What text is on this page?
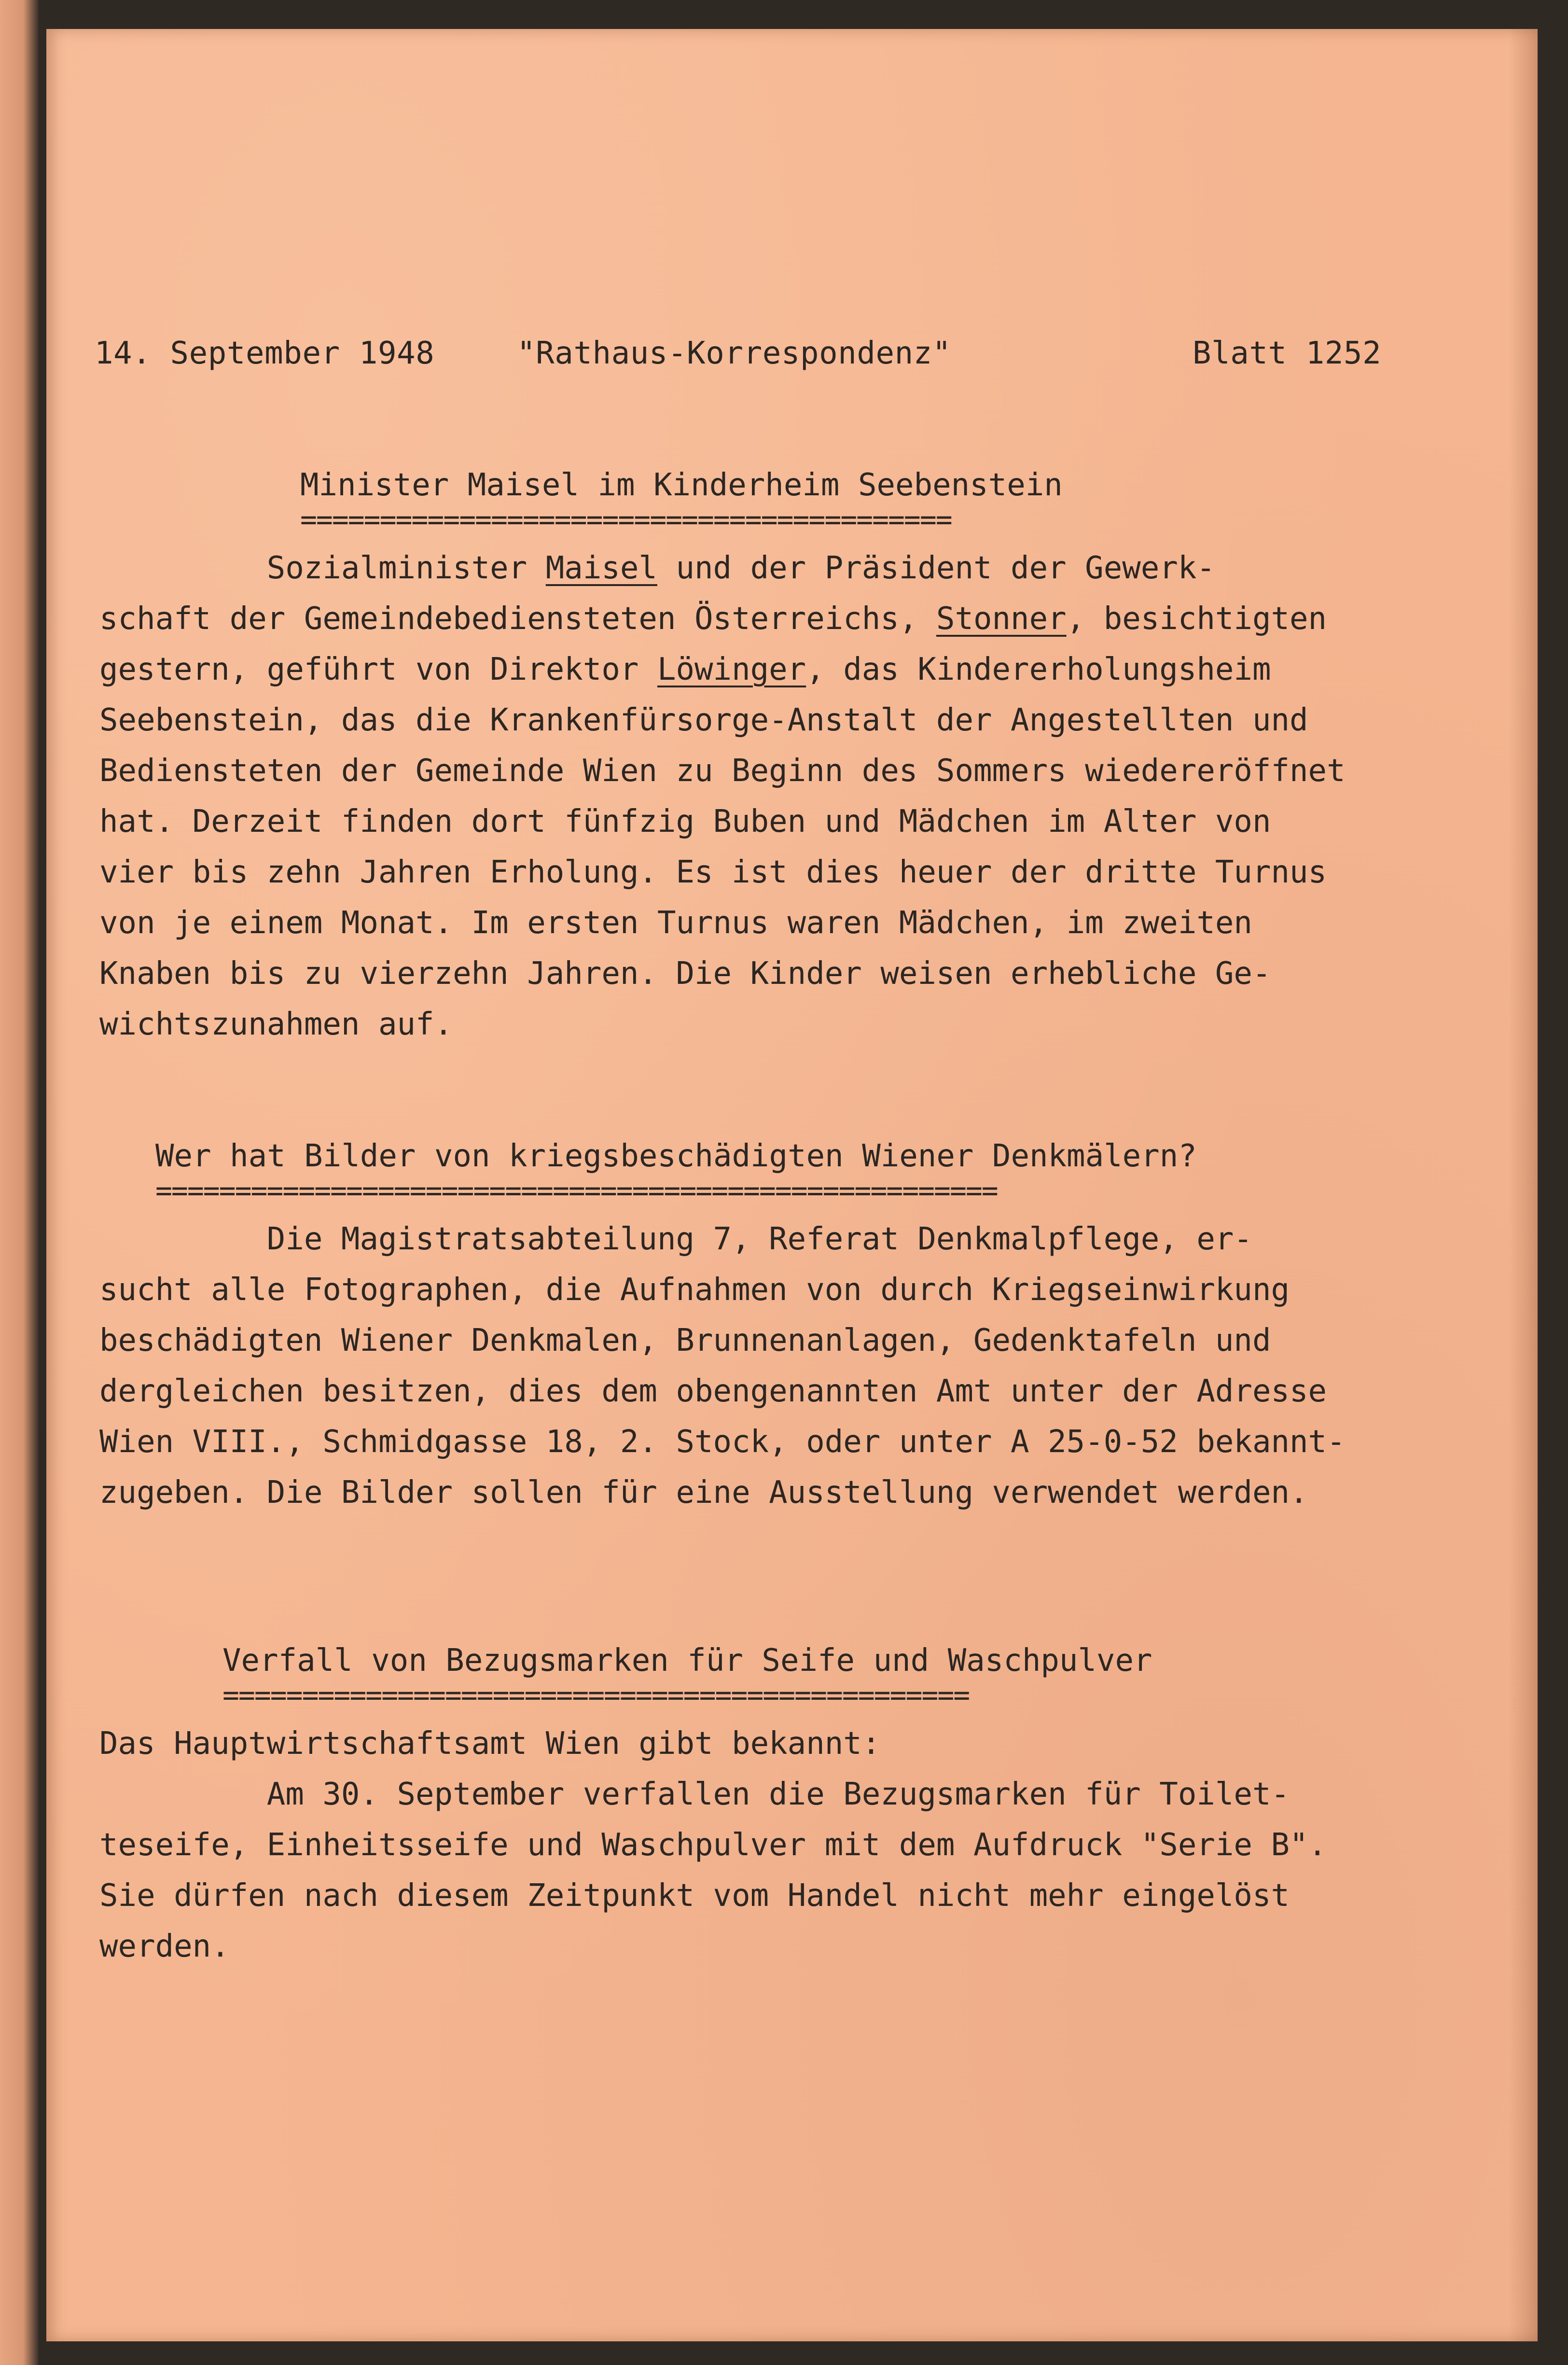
14. September 1948	"Rathaus-Korrespondenz"	Blatt 1252
Minister Maisel im Kinderheim Seebenstein
=========================================
Sozialminister Maisel und der Präsident der Gewerk-
schaft der Gemeindebediensteten Österreichs, Stonner, besichtigten
gestern, geführt von Direktor Löwinger, das Kindererholungsheim
Seebenstein, das die Krankenfürsorge-Anstalt der Angestellten und
Bediensteten der Gemeinde Wien zu Beginn des Sommers wiedereröffnet
hat. Derzeit finden dort fünfzig Buben und Mädchen im Alter von
vier bis zehn Jahren Erholung. Es ist dies heuer der dritte Turnus
von je einem Monat. Im ersten Turnus waren Mädchen, im zweiten
Knaben bis zu vierzehn Jahren. Die Kinder weisen erhebliche Ge-
wichtszunahmen auf.
Wer hat Bilder von kriegsbeschädigten Wiener Denkmälern?
=====================================================
Die Magistratsabteilung 7, Referat Denkmalpflege, er-
sucht alle Fotographen, die Aufnahmen von durch Kriegseinwirkung
beschädigten Wiener Denkmalen, Brunnenanlagen, Gedenktafeln und
dergleichen besitzen, dies dem obengenannten Amt unter der Adresse
Wien VIII., Schmidgasse 18, 2. Stock, oder unter A 25-0-52 bekannt-
zugeben. Die Bilder sollen für eine Ausstellung verwendet werden.
Verfall von Bezugsmarken für Seife und Waschpulver
===============================================
Das Hauptwirtschaftsamt Wien gibt bekannt:
Am 30. September verfallen die Bezugsmarken für Toilet-
teseife, Einheitsseife und Waschpulver mit dem Aufdruck "Serie B".
Sie dürfen nach diesem Zeitpunkt vom Handel nicht mehr eingelöst
werden.
